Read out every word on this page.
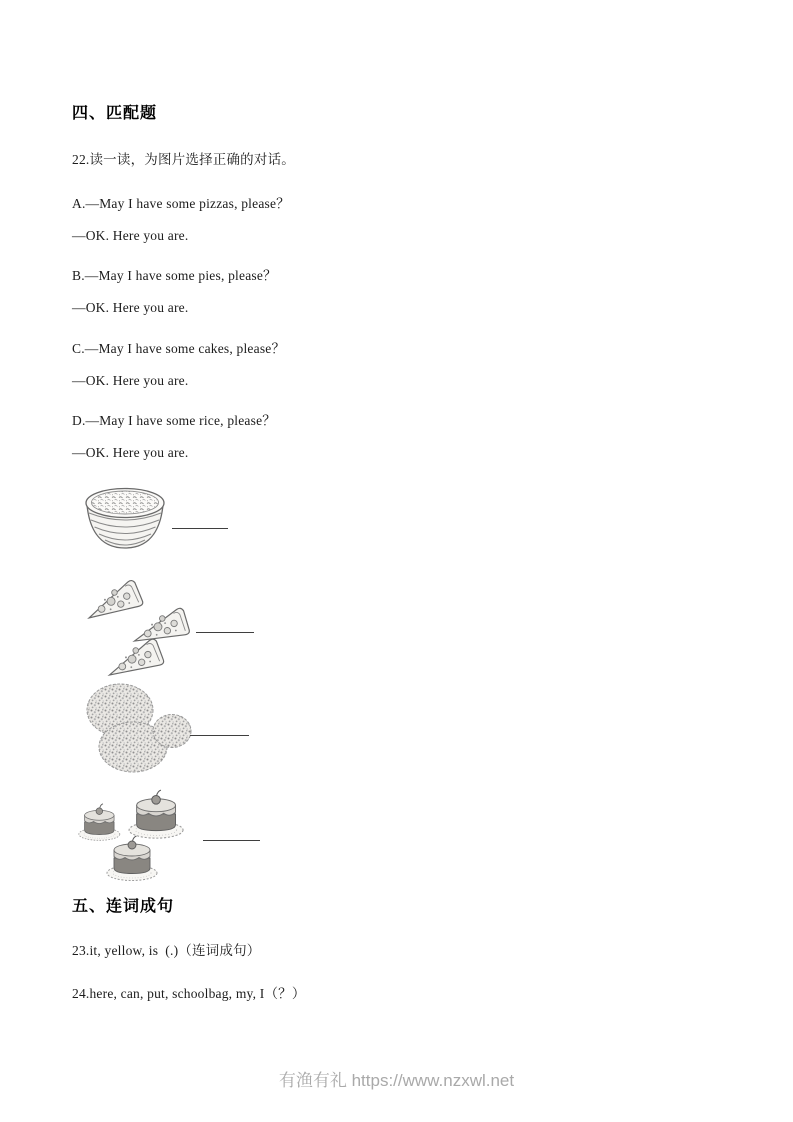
四、匹配题
22.读一读，为图片选择正确的对话。
A.—May I have some pizzas, please？
—OK. Here you are.
B.—May I have some pies, please？
—OK. Here you are.
C.—May I have some cakes, please？
—OK. Here you are.
D.—May I have some rice, please？
—OK. Here you are.
五、连词成句
23.it, yellow, is  (.)（连词成句）
24.here, can, put, schoolbag, my, I（？）
有渔有礼 https://www.nzxwl.net
